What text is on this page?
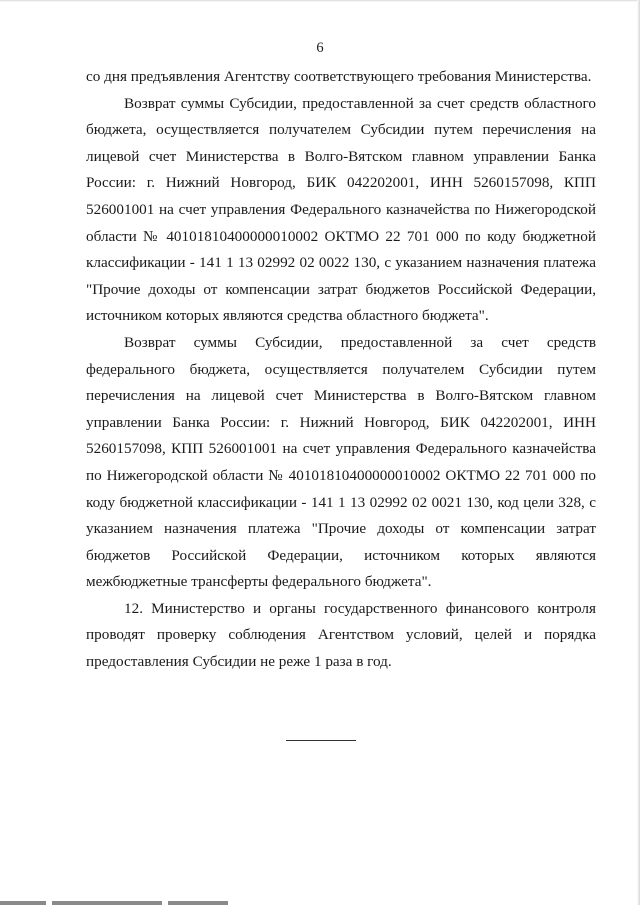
6

со дня предъявления Агентству соответствующего требования Министерства.

Возврат суммы Субсидии, предоставленной за счет средств областного бюджета, осуществляется получателем Субсидии путем перечисления на лицевой счет Министерства в Волго-Вятском главном управлении Банка России: г. Нижний Новгород, БИК 042202001, ИНН 5260157098, КПП 526001001 на счет управления Федерального казначейства по Нижегородской области № 40101810400000010002 ОКТМО 22 701 000 по коду бюджетной классификации - 141 1 13 02992 02 0022 130, с указанием назначения платежа "Прочие доходы от компенсации затрат бюджетов Российской Федерации, источником которых являются средства областного бюджета".

Возврат суммы Субсидии, предоставленной за счет средств федерального бюджета, осуществляется получателем Субсидии путем перечисления на лицевой счет Министерства в Волго-Вятском главном управлении Банка России: г. Нижний Новгород, БИК 042202001, ИНН 5260157098, КПП 526001001 на счет управления Федерального казначейства по Нижегородской области № 40101810400000010002 ОКТМО 22 701 000 по коду бюджетной классификации - 141 1 13 02992 02 0021 130, код цели 328, с указанием назначения платежа "Прочие доходы от компенсации затрат бюджетов Российской Федерации, источником которых являются межбюджетные трансферты федерального бюджета".

12. Министерство и органы государственного финансового контроля проводят проверку соблюдения Агентством условий, целей и порядка предоставления Субсидии не реже 1 раза в год.
